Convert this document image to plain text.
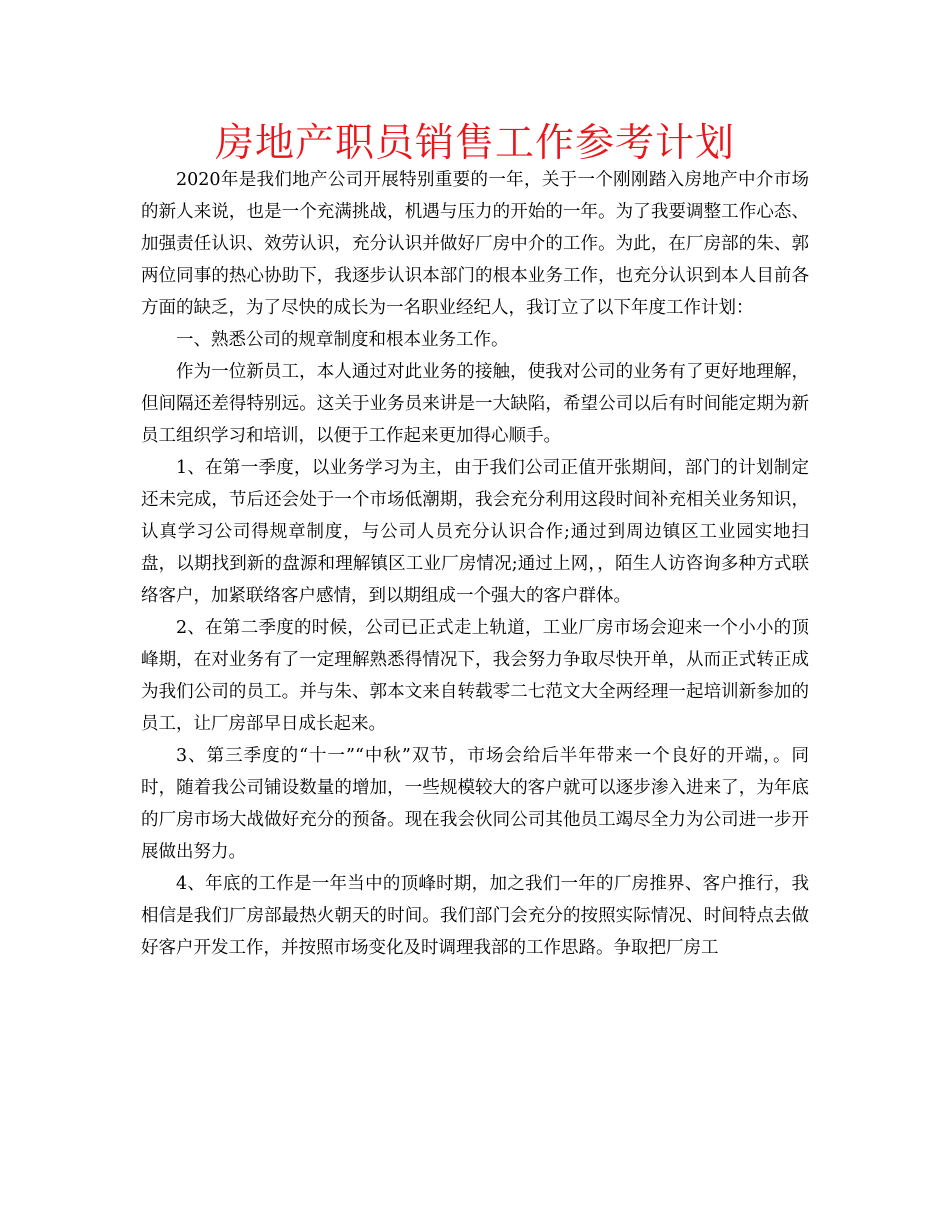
房地产职员销售工作参考计划

2020年是我们地产公司开展特别重要的一年，关于一个刚刚踏入房地产中介市场的新人来说，也是一个充满挑战，机遇与压力的开始的一年。为了我要调整工作心态、加强责任认识、效劳认识，充分认识并做好厂房中介的工作。为此，在厂房部的朱、郭两位同事的热心协助下，我逐步认识本部门的根本业务工作，也充分认识到本人目前各方面的缺乏，为了尽快的成长为一名职业经纪人，我订立了以下年度工作计划：

一、熟悉公司的规章制度和根本业务工作。

作为一位新员工，本人通过对此业务的接触，使我对公司的业务有了更好地理解，但间隔还差得特别远。这关于业务员来讲是一大缺陷，希望公司以后有时间能定期为新员工组织学习和培训，以便于工作起来更加得心顺手。

1、在第一季度，以业务学习为主，由于我们公司正值开张期间，部门的计划制定还未完成，节后还会处于一个市场低潮期，我会充分利用这段时间补充相关业务知识，认真学习公司得规章制度，与公司人员充分认识合作;通过到周边镇区工业园实地扫盘，以期找到新的盘源和理解镇区工业厂房情况;通过上网，，陌生人访咨询多种方式联络客户，加紧联络客户感情，到以期组成一个强大的客户群体。

2、在第二季度的时候，公司已正式走上轨道，工业厂房市场会迎来一个小小的顶峰期，在对业务有了一定理解熟悉得情况下，我会努力争取尽快开单，从而正式转正成为我们公司的员工。并与朱、郭本文来自转载零二七范文大全两经理一起培训新参加的员工，让厂房部早日成长起来。

3、第三季度的“十一”“中秋”双节，市场会给后半年带来一个良好的开端，。同时，随着我公司铺设数量的增加，一些规模较大的客户就可以逐步渗入进来了，为年底的厂房市场大战做好充分的预备。现在我会伙同公司其他员工竭尽全力为公司进一步开展做出努力。

4、年底的工作是一年当中的顶峰时期，加之我们一年的厂房推界、客户推行，我相信是我们厂房部最热火朝天的时间。我们部门会充分的按照实际情况、时间特点去做好客户开发工作，并按照市场变化及时调理我部的工作思路。争取把厂房工
